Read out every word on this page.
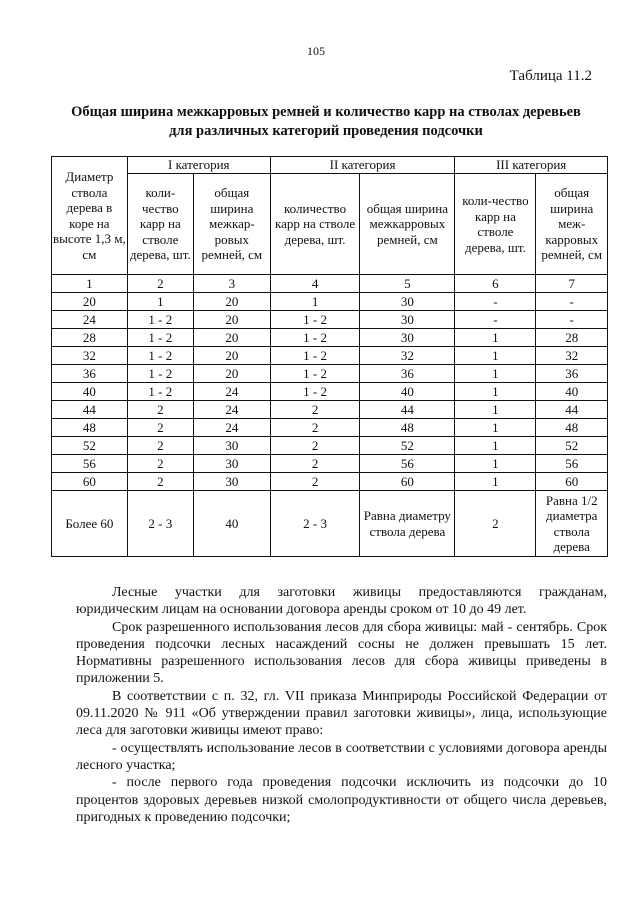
105
Таблица 11.2
Общая ширина межкарровых ремней и количество карр на стволах деревьев для различных категорий проведения подсочки
Диаметр ствола дерева в коре на высоте 1,3 м, см	I категория		II категория		III категория	
	коли-чество карр на стволе дерева, шт.	общая ширина межкар-ровых ремней, см	количество карр на стволе дерева, шт.	общая ширина межкарровых ремней, см	коли-чество карр на стволе дерева, шт.	общая ширина меж-карровых ремней, см
1	2	3	4	5	6	7
20	1	20	1	30	-	-
24	1 - 2	20	1 - 2	30	-	-
28	1 - 2	20	1 - 2	30	1	28
32	1 - 2	20	1 - 2	32	1	32
36	1 - 2	20	1 - 2	36	1	36
40	1 - 2	24	1 - 2	40	1	40
44	2	24	2	44	1	44
48	2	24	2	48	1	48
52	2	30	2	52	1	52
56	2	30	2	56	1	56
60	2	30	2	60	1	60
Более 60	2 - 3	40	2 - 3	Равна диаметру ствола дерева	2	Равна 1/2 диаметра ствола дерева

Лесные участки для заготовки живицы предоставляются гражданам, юридическим лицам на основании договора аренды сроком от 10 до 49 лет.

Срок разрешенного использования лесов для сбора живицы: май - сентябрь. Срок проведения подсочки лесных насаждений сосны не должен превышать 15 лет. Нормативны разрешенного использования лесов для сбора живицы приведены в приложении 5.

В соответствии с п. 32, гл. VII приказа Минприроды Российской Федерации от 09.11.2020 № 911 «Об утверждении правил заготовки живицы», лица, использующие леса для заготовки живицы имеют право:

- осуществлять использование лесов в соответствии с условиями договора аренды лесного участка;

- после первого года проведения подсочки исключить из подсочки до 10 процентов здоровых деревьев низкой смолопродуктивности от общего числа деревьев, пригодных к проведению подсочки;
